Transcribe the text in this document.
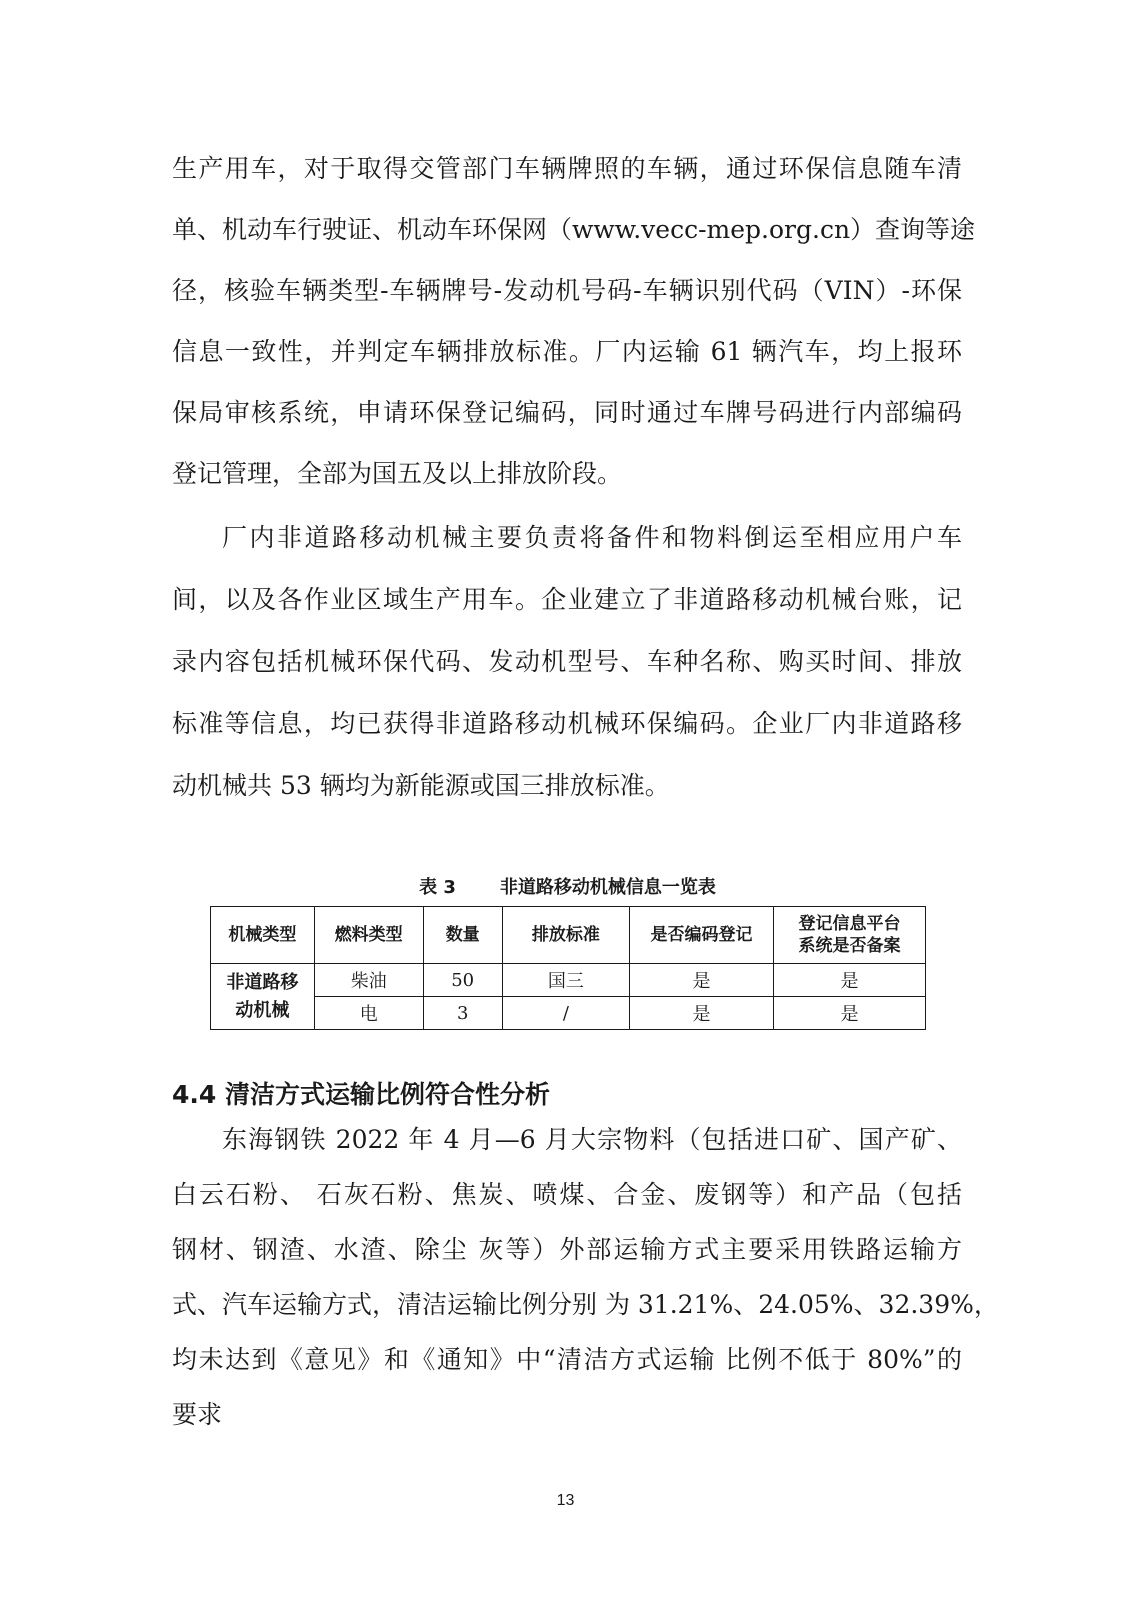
生产用车，对于取得交管部门车辆牌照的车辆，通过环保信息随车清
单、机动车行驶证、机动车环保网（www.vecc-mep.org.cn）查询等途
径，核验车辆类型-车辆牌号-发动机号码-车辆识别代码（VIN）-环保
信息一致性，并判定车辆排放标准。厂内运输 61 辆汽车，均上报环
保局审核系统，申请环保登记编码，同时通过车牌号码进行内部编码
登记管理，全部为国五及以上排放阶段。
厂内非道路移动机械主要负责将备件和物料倒运至相应用户车
间，以及各作业区域生产用车。企业建立了非道路移动机械台账，记
录内容包括机械环保代码、发动机型号、车种名称、购买时间、排放
标准等信息，均已获得非道路移动机械环保编码。企业厂内非道路移
动机械共 53 辆均为新能源或国三排放标准。
表 3 非道路移动机械信息一览表
机械类型	燃料类型	数量	排放标准	是否编码登记	登记信息平台
系统是否备案
非道路移
动机械	柴油	50	国三	是	是
	电	3	/	是	是
4.4 清洁方式运输比例符合性分析
东海钢铁 2022 年 4 月—6 月大宗物料（包括进口矿、国产矿、
白云石粉、 石灰石粉、焦炭、喷煤、合金、废钢等）和产品（包括
钢材、钢渣、水渣、除尘 灰等）外部运输方式主要采用铁路运输方
式、汽车运输方式，清洁运输比例分别 为 31.21%、24.05%、32.39%，
均未达到《意见》和《通知》中“清洁方式运输 比例不低于 80%”的
要求
13
